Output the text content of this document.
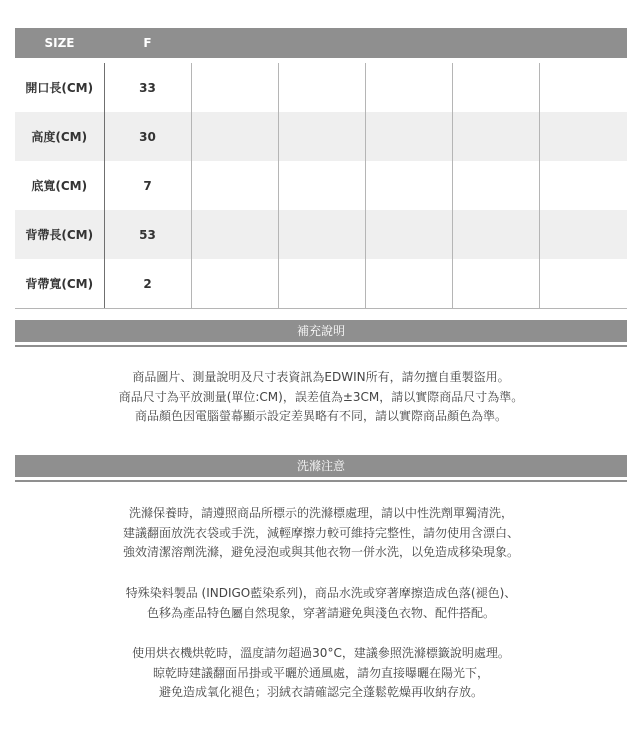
SIZE	F					
開口長(CM)	33					
高度(CM)	30					
底寬(CM)	7					
背帶長(CM)	53					
背帶寬(CM)	2					
補充說明

商品圖片、測量說明及尺寸表資訊為EDWIN所有，請勿擅自重製盜用。

商品尺寸為平放測量(單位:CM)，誤差值為±3CM，請以實際商品尺寸為準。

商品顏色因電腦螢幕顯示設定差異略有不同，請以實際商品顏色為準。

洗滌注意

洗滌保養時，請遵照商品所標示的洗滌標處理，請以中性洗劑單獨清洗，

建議翻面放洗衣袋或手洗，減輕摩擦力較可維持完整性，請勿使用含漂白、

強效清潔溶劑洗滌，避免浸泡或與其他衣物一併水洗，以免造成移染現象。

特殊染料製品 (INDIGO藍染系列)，商品水洗或穿著摩擦造成色落(褪色)、

色移為產品特色屬自然現象，穿著請避免與淺色衣物、配件搭配。

使用烘衣機烘乾時，溫度請勿超過30°C，建議參照洗滌標籤說明處理。

晾乾時建議翻面吊掛或平曬於通風處，請勿直接曝曬在陽光下，

避免造成氧化褪色；羽絨衣請確認完全蓬鬆乾燥再收納存放。
